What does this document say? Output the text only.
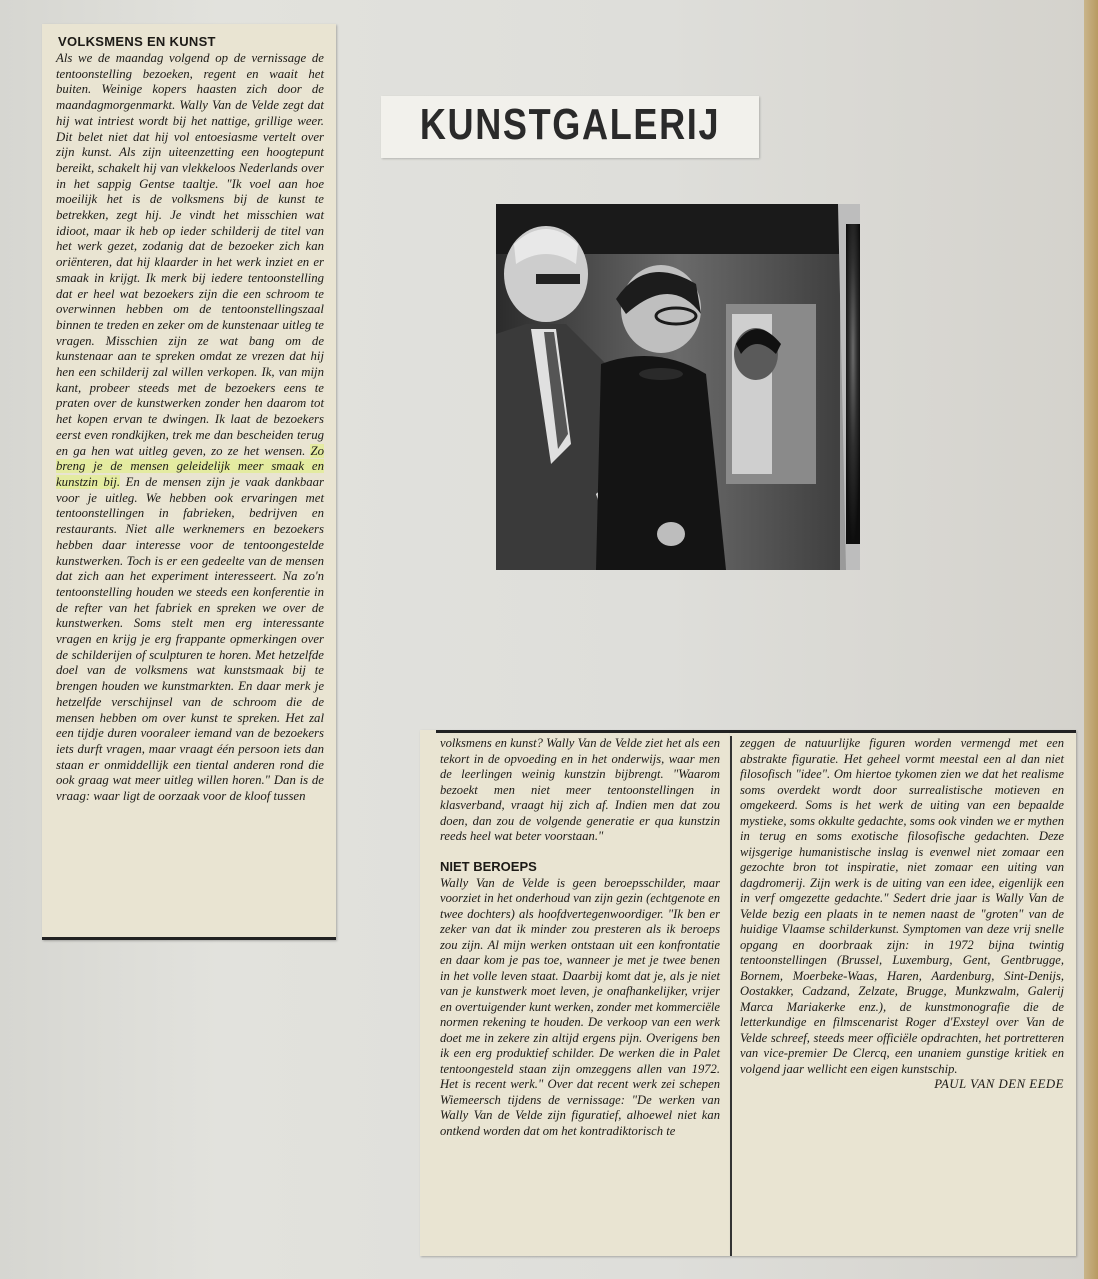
VOLKSMENS EN KUNST

Als we de maandag volgend op de vernissage de tentoonstelling bezoeken, regent en waait het buiten. Weinige kopers haasten zich door de maandagmorgenmarkt. Wally Van de Velde zegt dat hij wat intriest wordt bij het nattige, grillige weer. Dit belet niet dat hij vol entoesiasme vertelt over zijn kunst. Als zijn uiteenzetting een hoogtepunt bereikt, schakelt hij van vlekkeloos Nederlands over in het sappig Gentse taaltje. "Ik voel aan hoe moeilijk het is de volksmens bij de kunst te betrekken, zegt hij. Je vindt het misschien wat idioot, maar ik heb op ieder schilderij de titel van het werk gezet, zodanig dat de bezoeker zich kan oriënteren, dat hij klaarder in het werk inziet en er smaak in krijgt. Ik merk bij iedere tentoonstelling dat er heel wat bezoekers zijn die een schroom te overwinnen hebben om de tentoonstellingszaal binnen te treden en zeker om de kunstenaar uitleg te vragen. Misschien zijn ze wat bang om de kunstenaar aan te spreken omdat ze vrezen dat hij hen een schilderij zal willen verkopen. Ik, van mijn kant, probeer steeds met de bezoekers eens te praten over de kunstwerken zonder hen daarom tot het kopen ervan te dwingen. Ik laat de bezoekers eerst even rondkijken, trek me dan bescheiden terug en ga hen wat uitleg geven, zo ze het wensen. Zo breng je de mensen geleidelijk meer smaak en kunstzin bij. En de mensen zijn je vaak dankbaar voor je uitleg. We hebben ook ervaringen met tentoonstellingen in fabrieken, bedrijven en restaurants. Niet alle werknemers en bezoekers hebben daar interesse voor de tentoongestelde kunstwerken. Toch is er een gedeelte van de mensen dat zich aan het experiment interesseert. Na zo'n tentoonstelling houden we steeds een konferentie in de refter van het fabriek en spreken we over de kunstwerken. Soms stelt men erg interessante vragen en krijg je erg frappante opmerkingen over de schilderijen of sculpturen te horen. Met hetzelfde doel van de volksmens wat kunstsmaak bij te brengen houden we kunstmarkten. En daar merk je hetzelfde verschijnsel van de schroom die de mensen hebben om over kunst te spreken. Het zal een tijdje duren vooraleer iemand van de bezoekers iets durft vragen, maar vraagt één persoon iets dan staan er onmiddellijk een tiental anderen rond die ook graag wat meer uitleg willen horen." Dan is de vraag: waar ligt de oorzaak voor de kloof tussen

KUNSTGALERIJ

volksmens en kunst? Wally Van de Velde ziet het als een tekort in de opvoeding en in het onderwijs, waar men de leerlingen weinig kunstzin bijbrengt. "Waarom bezoekt men niet meer tentoonstellingen in klasverband, vraagt hij zich af. Indien men dat zou doen, dan zou de volgende generatie er qua kunstzin reeds heel wat beter voorstaan."

NIET BEROEPS

Wally Van de Velde is geen beroepsschilder, maar voorziet in het onderhoud van zijn gezin (echtgenote en twee dochters) als hoofdvertegenwoordiger. "Ik ben er zeker van dat ik minder zou presteren als ik beroeps zou zijn. Al mijn werken ontstaan uit een konfrontatie en daar kom je pas toe, wanneer je met je twee benen in het volle leven staat. Daarbij komt dat je, als je niet van je kunstwerk moet leven, je onafhankelijker, vrijer en overtuigender kunt werken, zonder met kommerciële normen rekening te houden. De verkoop van een werk doet me in zekere zin altijd ergens pijn. Overigens ben ik een erg produktief schilder. De werken die in Palet tentoongesteld staan zijn omzeggens allen van 1972. Het is recent werk." Over dat recent werk zei schepen Wiemeersch tijdens de vernissage: "De werken van Wally Van de Velde zijn figuratief, alhoewel niet kan ontkend worden dat om het kontradiktorisch te

zeggen de natuurlijke figuren worden vermengd met een abstrakte figuratie. Het geheel vormt meestal een al dan niet filosofisch "idee". Om hiertoe tykomen zien we dat het realisme soms overdekt wordt door surrealistische motieven en omgekeerd. Soms is het werk de uiting van een bepaalde mystieke, soms okkulte gedachte, soms ook vinden we er mythen in terug en soms exotische filosofische gedachten. Deze wijsgerige humanistische inslag is evenwel niet zomaar een gezochte bron tot inspiratie, niet zomaar een uiting van dagdromerij. Zijn werk is de uiting van een idee, eigenlijk een in verf omgezette gedachte." Sedert drie jaar is Wally Van de Velde bezig een plaats in te nemen naast de "groten" van de huidige Vlaamse schilderkunst. Symptomen van deze vrij snelle opgang en doorbraak zijn: in 1972 bijna twintig tentoonstellingen (Brussel, Luxemburg, Gent, Gentbrugge, Bornem, Moerbeke-Waas, Haren, Aardenburg, Sint-Denijs, Oostakker, Cadzand, Zelzate, Brugge, Munkzwalm, Galerij Marca Mariakerke enz.), de kunstmonografie die de letterkundige en filmscenarist Roger d'Exsteyl over Van de Velde schreef, steeds meer officiële opdrachten, het portretteren van vice-premier De Clercq, een unaniem gunstige kritiek en volgend jaar wellicht een eigen kunstschip.

PAUL VAN DEN EEDE
